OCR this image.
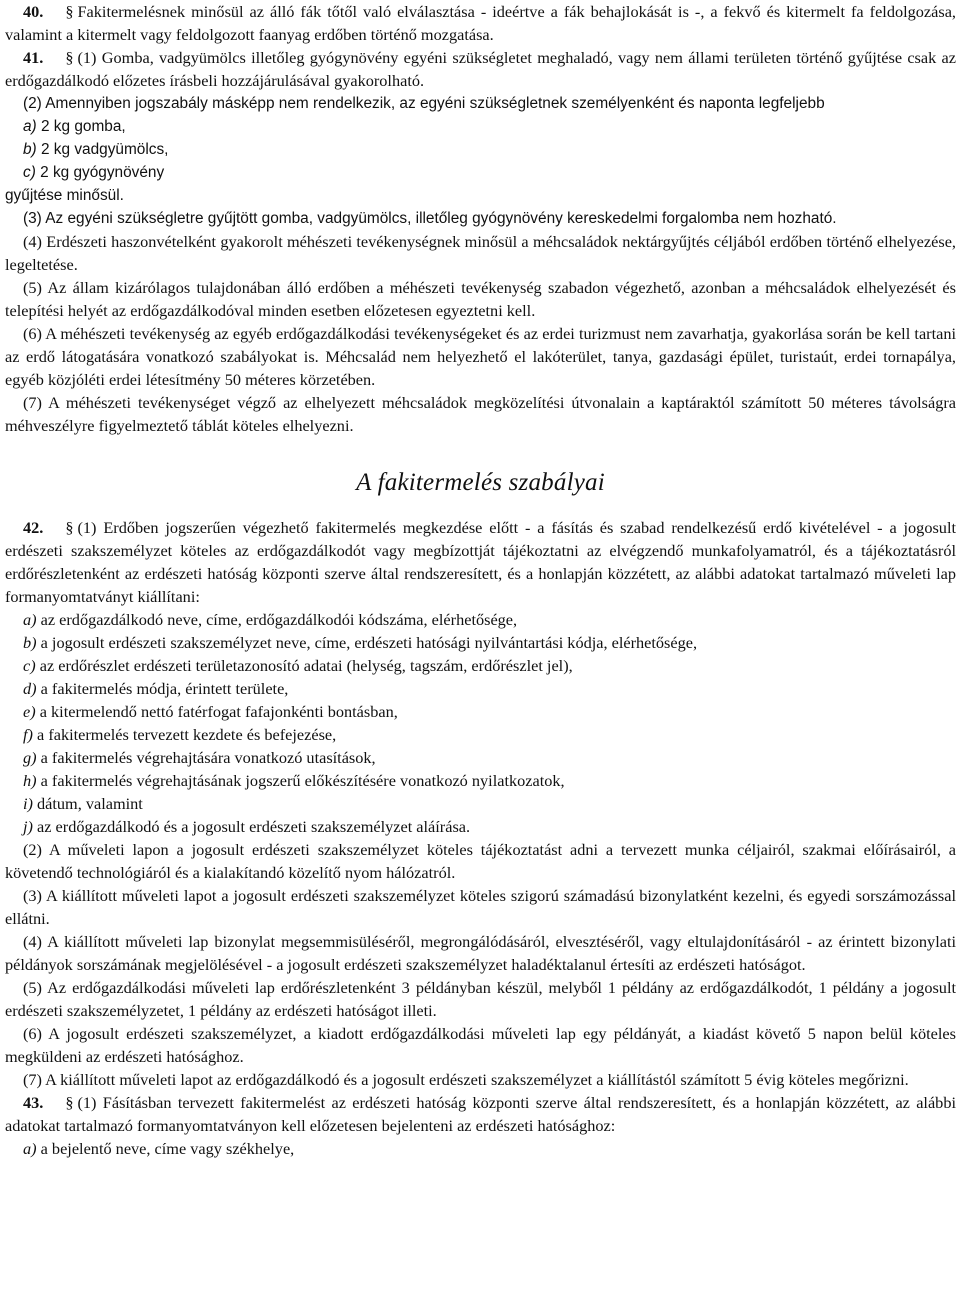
40. § Fakitermelésnek minősül az álló fák tőtől való elválasztása - ideértve a fák behajlokását is -, a fekvő és kitermelt fa feldolgozása, valamint a kitermelt vagy feldolgozott faanyag erdőben történő mozgatása.

41. § (1) Gomba, vadgyümölcs illetőleg gyógynövény egyéni szükségletet meghaladó, vagy nem állami területen történő gyűjtése csak az erdőgazdálkodó előzetes írásbeli hozzájárulásával gyakorolható.

(2) Amennyiben jogszabály másképp nem rendelkezik, az egyéni szükségletnek személyenként és naponta legfeljebb

a) 2 kg gomba,

b) 2 kg vadgyümölcs,

c) 2 kg gyógynövény

gyűjtése minősül.

(3) Az egyéni szükségletre gyűjtött gomba, vadgyümölcs, illetőleg gyógynövény kereskedelmi forgalomba nem hozható.

(4) Erdészeti haszonvételként gyakorolt méhészeti tevékenységnek minősül a méhcsaládok nektárgyűjtés céljából erdőben történő elhelyezése, legeltetése.

(5) Az állam kizárólagos tulajdonában álló erdőben a méhészeti tevékenység szabadon végezhető, azonban a méhcsaládok elhelyezését és telepítési helyét az erdőgazdálkodóval minden esetben előzetesen egyeztetni kell.

(6) A méhészeti tevékenység az egyéb erdőgazdálkodási tevékenységeket és az erdei turizmust nem zavarhatja, gyakorlása során be kell tartani az erdő látogatására vonatkozó szabályokat is. Méhcsalád nem helyezhető el lakóterület, tanya, gazdasági épület, turistaút, erdei tornapálya, egyéb közjóléti erdei létesítmény 50 méteres körzetében.

(7) A méhészeti tevékenységet végző az elhelyezett méhcsaládok megközelítési útvonalain a kaptáraktól számított 50 méteres távolságra méhveszélyre figyelmeztető táblát köteles elhelyezni.

A fakitermelés szabályai

42. § (1) Erdőben jogszerűen végezhető fakitermelés megkezdése előtt - a fásítás és szabad rendelkezésű erdő kivételével - a jogosult erdészeti szakszemélyzet köteles az erdőgazdálkodót vagy megbízottját tájékoztatni az elvégzendő munkafolyamatról, és a tájékoztatásról erdőrészletenként az erdészeti hatóság központi szerve által rendszeresített, és a honlapján közzétett, az alábbi adatokat tartalmazó műveleti lap formanyomtatványt kiállítani:

a) az erdőgazdálkodó neve, címe, erdőgazdálkodói kódszáma, elérhetősége,

b) a jogosult erdészeti szakszemélyzet neve, címe, erdészeti hatósági nyilvántartási kódja, elérhetősége,

c) az erdőrészlet erdészeti területazonosító adatai (helység, tagszám, erdőrészlet jel),

d) a fakitermelés módja, érintett területe,

e) a kitermelendő nettó fatérfogat fafajonkénti bontásban,

f) a fakitermelés tervezett kezdete és befejezése,

g) a fakitermelés végrehajtására vonatkozó utasítások,

h) a fakitermelés végrehajtásának jogszerű előkészítésére vonatkozó nyilatkozatok,

i) dátum, valamint

j) az erdőgazdálkodó és a jogosult erdészeti szakszemélyzet aláírása.

(2) A műveleti lapon a jogosult erdészeti szakszemélyzet köteles tájékoztatást adni a tervezett munka céljairól, szakmai előírásairól, a követendő technológiáról és a kialakítandó közelítő nyom hálózatról.

(3) A kiállított műveleti lapot a jogosult erdészeti szakszemélyzet köteles szigorú számadású bizonylatként kezelni, és egyedi sorszámozással ellátni.

(4) A kiállított műveleti lap bizonylat megsemmisüléséről, megrongálódásáról, elvesztéséről, vagy eltulajdonításáról - az érintett bizonylati példányok sorszámának megjelölésével - a jogosult erdészeti szakszemélyzet haladéktalanul értesíti az erdészeti hatóságot.

(5) Az erdőgazdálkodási műveleti lap erdőrészletenként 3 példányban készül, melyből 1 példány az erdőgazdálkodót, 1 példány a jogosult erdészeti szakszemélyzetet, 1 példány az erdészeti hatóságot illeti.

(6) A jogosult erdészeti szakszemélyzet, a kiadott erdőgazdálkodási műveleti lap egy példányát, a kiadást követő 5 napon belül köteles megküldeni az erdészeti hatósághoz.

(7) A kiállított műveleti lapot az erdőgazdálkodó és a jogosult erdészeti szakszemélyzet a kiállítástól számított 5 évig köteles megőrizni.

43. § (1) Fásításban tervezett fakitermelést az erdészeti hatóság központi szerve által rendszeresített, és a honlapján közzétett, az alábbi adatokat tartalmazó formanyomtatványon kell előzetesen bejelenteni az erdészeti hatósághoz:

a) a bejelentő neve, címe vagy székhelye,
